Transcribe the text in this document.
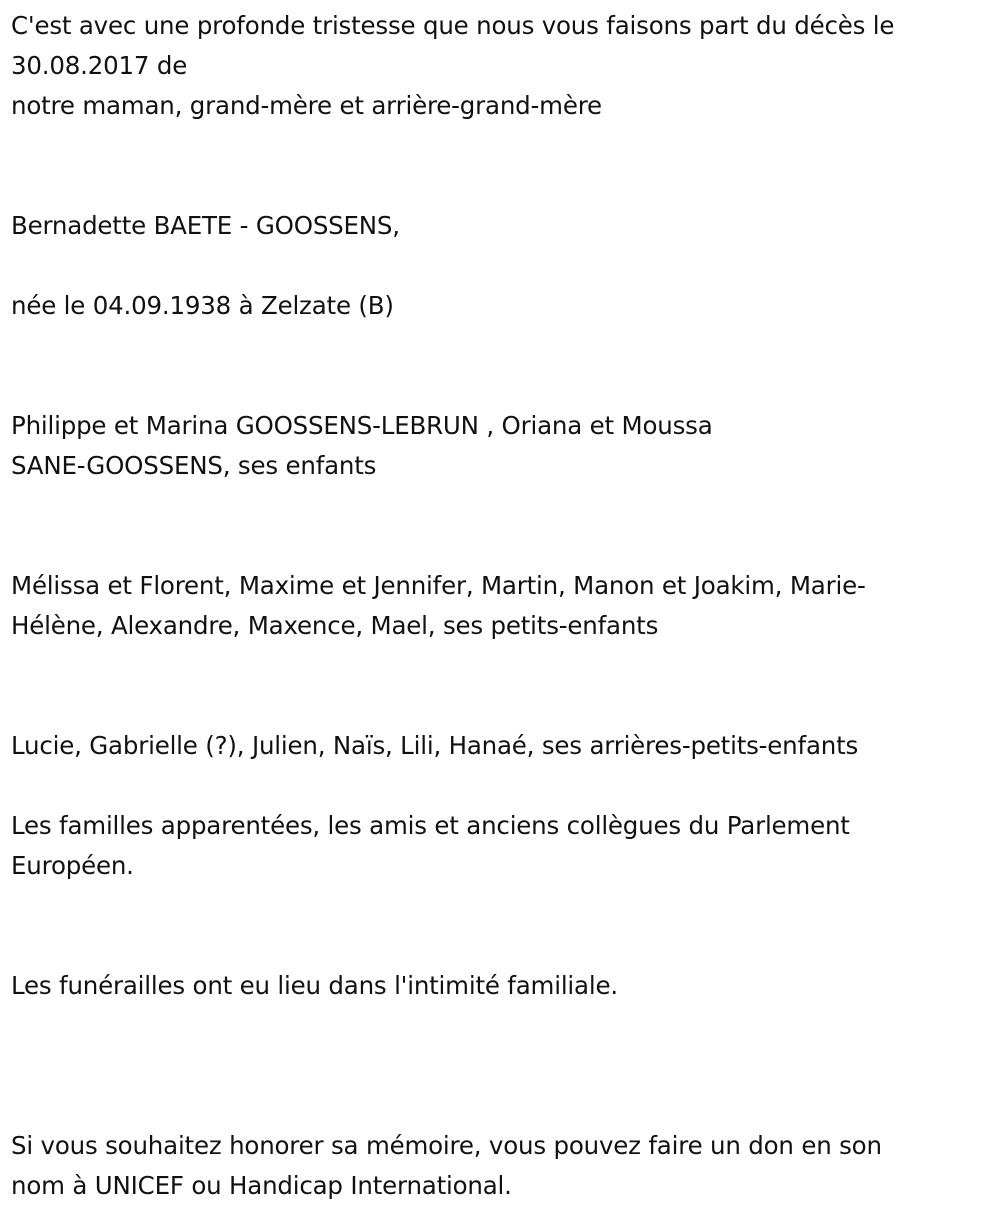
C'est avec une profonde tristesse que nous vous faisons part du décès le
30.08.2017 de
notre maman, grand-mère et arrière-grand-mère

Bernadette BAETE - GOOSSENS,

née le 04.09.1938 à Zelzate (B)

Philippe et Marina GOOSSENS-LEBRUN , Oriana et Moussa
SANE-GOOSSENS, ses enfants

Mélissa et Florent, Maxime et Jennifer, Martin, Manon et Joakim, Marie-
Hélène, Alexandre, Maxence, Mael, ses petits-enfants

Lucie, Gabrielle (?), Julien, Naïs, Lili, Hanaé, ses arrières-petits-enfants

Les familles apparentées, les amis et anciens collègues du Parlement
Européen.

Les funérailles ont eu lieu dans l'intimité familiale.

Si vous souhaitez honorer sa mémoire, vous pouvez faire un don en son
nom à UNICEF ou Handicap International.
